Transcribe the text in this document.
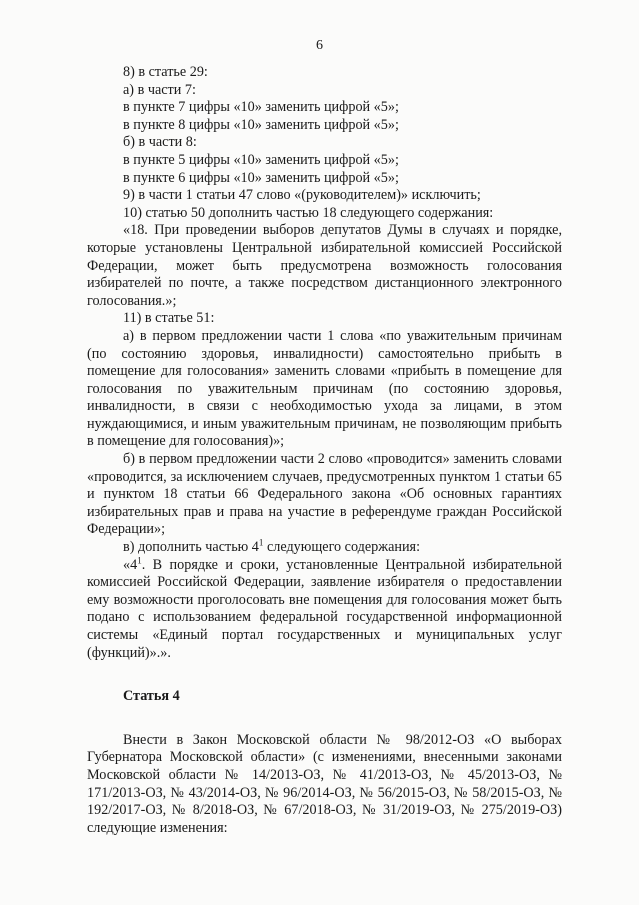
6

8) в статье 29:

а) в части 7:

в пункте 7 цифры «10» заменить цифрой «5»;

в пункте 8 цифры «10» заменить цифрой «5»;

б) в части 8:

в пункте 5 цифры «10» заменить цифрой «5»;

в пункте 6 цифры «10» заменить цифрой «5»;

9) в части 1 статьи 47 слово «(руководителем)» исключить;

10) статью 50 дополнить частью 18 следующего содержания:

«18. При проведении выборов депутатов Думы в случаях и порядке, которые установлены Центральной избирательной комиссией Российской Федерации, может быть предусмотрена возможность голосования избирателей по почте, а также посредством дистанционного электронного голосования.»;

11) в статье 51:

а) в первом предложении части 1 слова «по уважительным причинам (по состоянию здоровья, инвалидности) самостоятельно прибыть в помещение для голосования» заменить словами «прибыть в помещение для голосования по уважительным причинам (по состоянию здоровья, инвалидности, в связи с необходимостью ухода за лицами, в этом нуждающимися, и иным уважительным причинам, не позволяющим прибыть в помещение для голосования)»;

б) в первом предложении части 2 слово «проводится» заменить словами «проводится, за исключением случаев, предусмотренных пунктом 1 статьи 65 и пунктом 18 статьи 66 Федерального закона «Об основных гарантиях избирательных прав и права на участие в референдуме граждан Российской Федерации»;

в) дополнить частью $4^1$ следующего содержания:

«$4^1$. В порядке и сроки, установленные Центральной избирательной комиссией Российской Федерации, заявление избирателя о предоставлении ему возможности проголосовать вне помещения для голосования может быть подано с использованием федеральной государственной информационной системы «Единый портал государственных и муниципальных услуг (функций)».».

Статья 4

Внести в Закон Московской области № 98/2012-ОЗ «О выборах Губернатора Московской области» (с изменениями, внесенными законами Московской области № 14/2013-ОЗ, № 41/2013-ОЗ, № 45/2013-ОЗ, № 171/2013-ОЗ, № 43/2014-ОЗ, № 96/2014-ОЗ, № 56/2015-ОЗ, № 58/2015-ОЗ, № 192/2017-ОЗ, № 8/2018-ОЗ, № 67/2018-ОЗ, № 31/2019-ОЗ, № 275/2019-ОЗ) следующие изменения:
